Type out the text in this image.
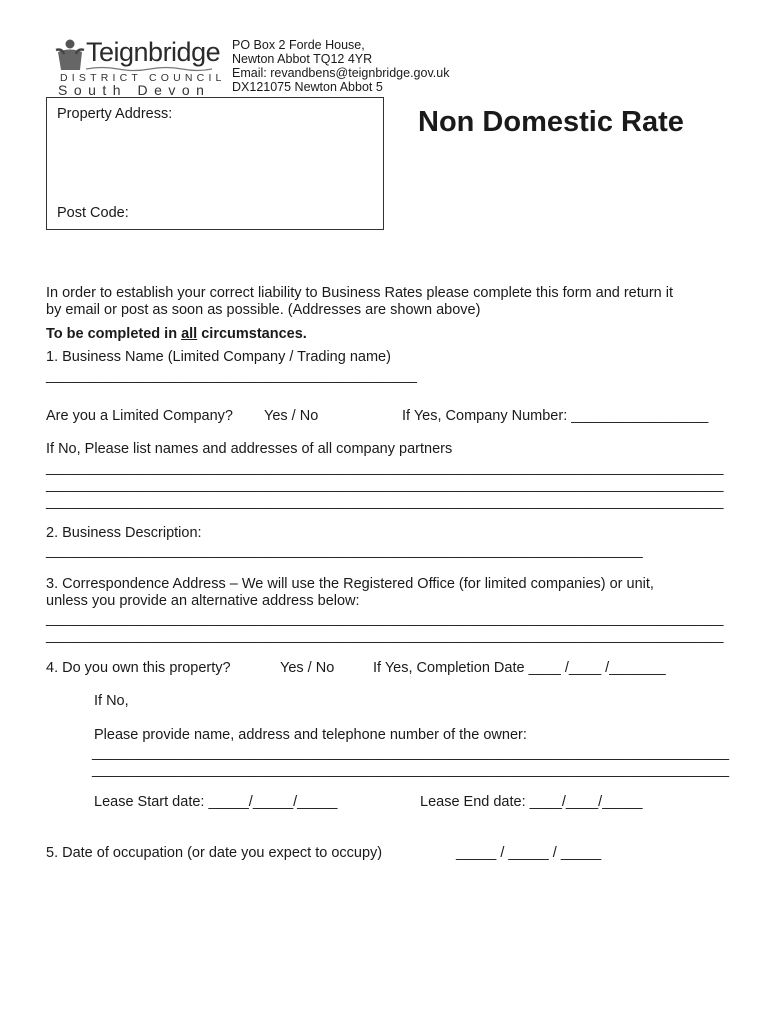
Teignbridge
DISTRICT COUNCIL
South Devon
PO Box 2 Forde House,
Newton Abbot TQ12 4YR
Email: revandbens@teignbridge.gov.uk
DX121075 Newton Abbot 5
Property Address:
Post Code:
Non Domestic Rate
In order to establish your correct liability to Business Rates please complete this form and return it
by email or post as soon as possible. (Addresses are shown above)
To be completed in all circumstances.
1. Business Name (Limited Company / Trading name)
______________________________________________
Are you a Limited Company? Yes / No	If Yes, Company Number: _________________
If No, Please list names and addresses of all company partners
____________________________________________________________________________________
____________________________________________________________________________________
____________________________________________________________________________________
2. Business Description:
__________________________________________________________________________
3. Correspondence Address – We will use the Registered Office (for limited companies) or unit,
unless you provide an alternative address below:
____________________________________________________________________________________
____________________________________________________________________________________
4. Do you own this property?	Yes / No	If Yes, Completion Date ____ /____ /_______
If No,
Please provide name, address and telephone number of the owner:
_______________________________________________________________________________
_______________________________________________________________________________
Lease Start date: _____/_____/_____	Lease End date: ____/____/_____
5. Date of occupation (or date you expect to occupy)	_____ / _____ / _____
